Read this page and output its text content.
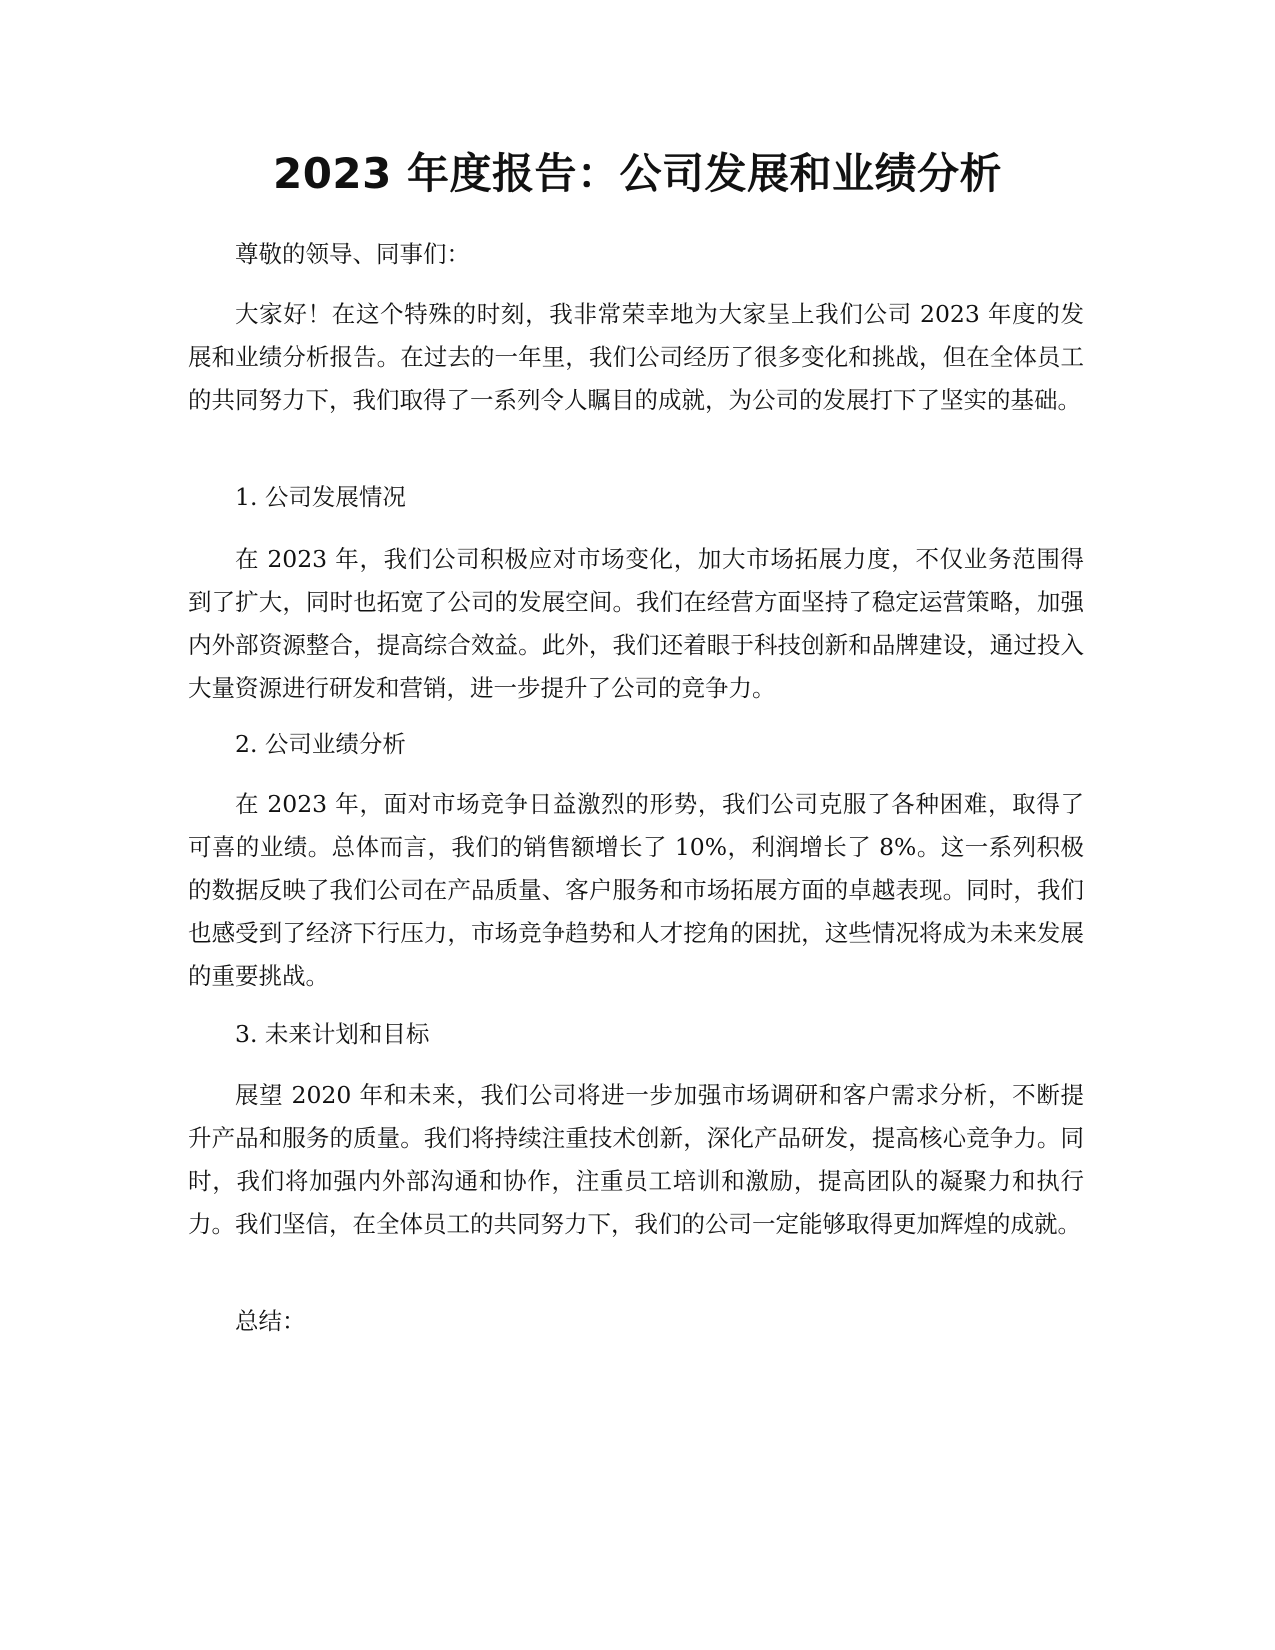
2023 年度报告：公司发展和业绩分析

尊敬的领导、同事们：

大家好！在这个特殊的时刻，我非常荣幸地为大家呈上我们公司 2023 年度的发展和业绩分析报告。在过去的一年里，我们公司经历了很多变化和挑战，但在全体员工的共同努力下，我们取得了一系列令人瞩目的成就，为公司的发展打下了坚实的基础。

1. 公司发展情况

在 2023 年，我们公司积极应对市场变化，加大市场拓展力度，不仅业务范围得到了扩大，同时也拓宽了公司的发展空间。我们在经营方面坚持了稳定运营策略，加强内外部资源整合，提高综合效益。此外，我们还着眼于科技创新和品牌建设，通过投入大量资源进行研发和营销，进一步提升了公司的竞争力。

2. 公司业绩分析

在 2023 年，面对市场竞争日益激烈的形势，我们公司克服了各种困难，取得了可喜的业绩。总体而言，我们的销售额增长了 10%，利润增长了 8%。这一系列积极的数据反映了我们公司在产品质量、客户服务和市场拓展方面的卓越表现。同时，我们也感受到了经济下行压力，市场竞争趋势和人才挖角的困扰，这些情况将成为未来发展的重要挑战。

3. 未来计划和目标

展望 2020 年和未来，我们公司将进一步加强市场调研和客户需求分析，不断提升产品和服务的质量。我们将持续注重技术创新，深化产品研发，提高核心竞争力。同时，我们将加强内外部沟通和协作，注重员工培训和激励，提高团队的凝聚力和执行力。我们坚信，在全体员工的共同努力下，我们的公司一定能够取得更加辉煌的成就。

总结：
